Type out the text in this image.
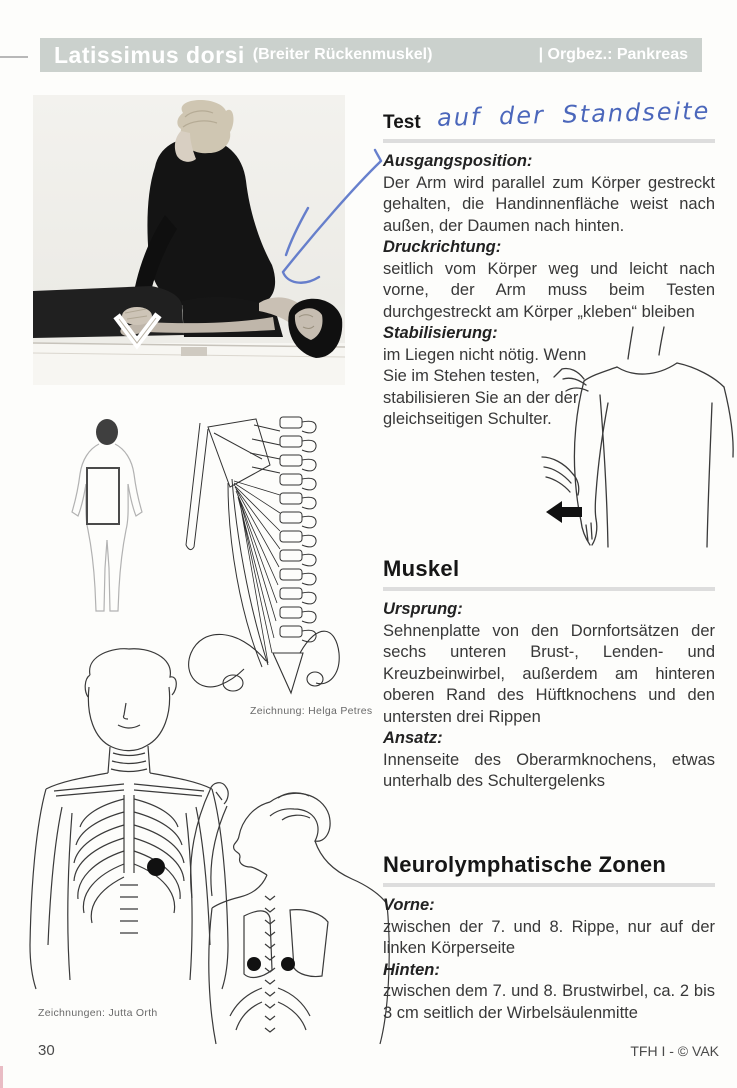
Latissimus dorsi (Breiter Rückenmuskel)	| Orgbez.: Pankreas
Test auf der Standseite
Ausgangsposition:

Der Arm wird parallel zum Körper gestreckt gehalten, die Handinnenfläche weist nach außen, der Daumen nach hinten.

Druckrichtung:

seitlich vom Körper weg und leicht nach vorne, der Arm muss beim Testen durchgestreckt am Körper „kleben“ bleiben

Stabilisierung:

im Liegen nicht nötig. Wenn Sie im Stehen testen, stabilisieren Sie an der der gleichseitigen Schulter.

Zeichnung: Helga Petres
Muskel
Ursprung:

Sehnenplatte von den Dornfortsätzen der sechs unteren Brust-, Lenden- und Kreuzbeinwirbel, außerdem am hinteren oberen Rand des Hüftknochens und den untersten drei Rippen

Ansatz:

Innenseite des Oberarmknochens, etwas unterhalb des Schultergelenks

Neurolymphatische Zonen
Vorne:

zwischen der 7. und 8. Rippe, nur auf der linken Körperseite

Hinten:

zwischen dem 7. und 8. Brustwirbel, ca. 2 bis 3 cm seitlich der Wirbelsäulenmitte

Zeichnungen: Jutta Orth
30	TFH I - © VAK
